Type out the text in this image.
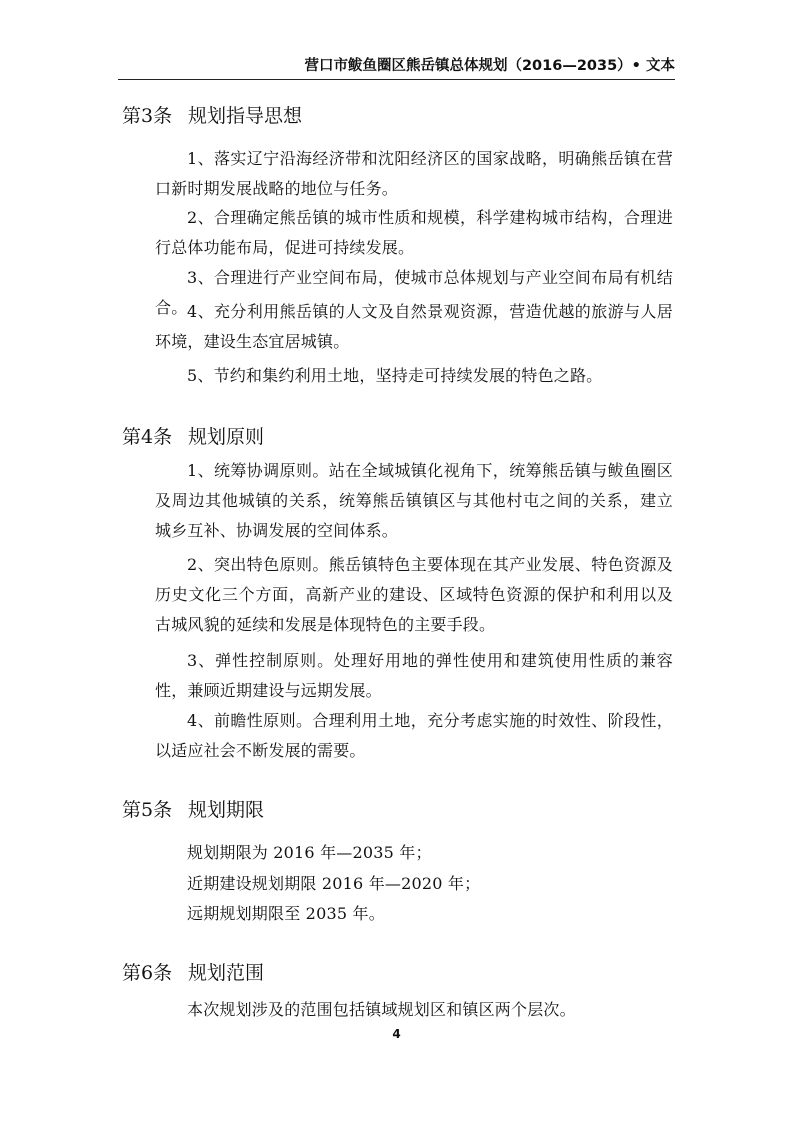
营口市鲅鱼圈区熊岳镇总体规划（2016—2035）• 文本
第3条 规划指导思想

1、落实辽宁沿海经济带和沈阳经济区的国家战略，明确熊岳镇在营口新时期发展战略的地位与任务。

2、合理确定熊岳镇的城市性质和规模，科学建构城市结构，合理进行总体功能布局，促进可持续发展。

3、合理进行产业空间布局，使城市总体规划与产业空间布局有机结合。 4、充分利用熊岳镇的人文及自然景观资源，营造优越的旅游与人居环境，建设生态宜居城镇。

5、节约和集约利用土地，坚持走可持续发展的特色之路。

第4条 规划原则

1、统筹协调原则。站在全域城镇化视角下，统筹熊岳镇与鲅鱼圈区及周边其他城镇的关系，统筹熊岳镇镇区与其他村屯之间的关系，建立城乡互补、协调发展的空间体系。

2、突出特色原则。熊岳镇特色主要体现在其产业发展、特色资源及历史文化三个方面，高新产业的建设、区域特色资源的保护和利用以及古城风貌的延续和发展是体现特色的主要手段。

3、弹性控制原则。处理好用地的弹性使用和建筑使用性质的兼容性，兼顾近期建设与远期发展。

4、前瞻性原则。合理利用土地，充分考虑实施的时效性、阶段性，以适应社会不断发展的需要。

第5条 规划期限

规划期限为 2016 年—2035 年；

近期建设规划期限 2016 年—2020 年；

远期规划期限至 2035 年。

第6条 规划范围

本次规划涉及的范围包括镇域规划区和镇区两个层次。

4
